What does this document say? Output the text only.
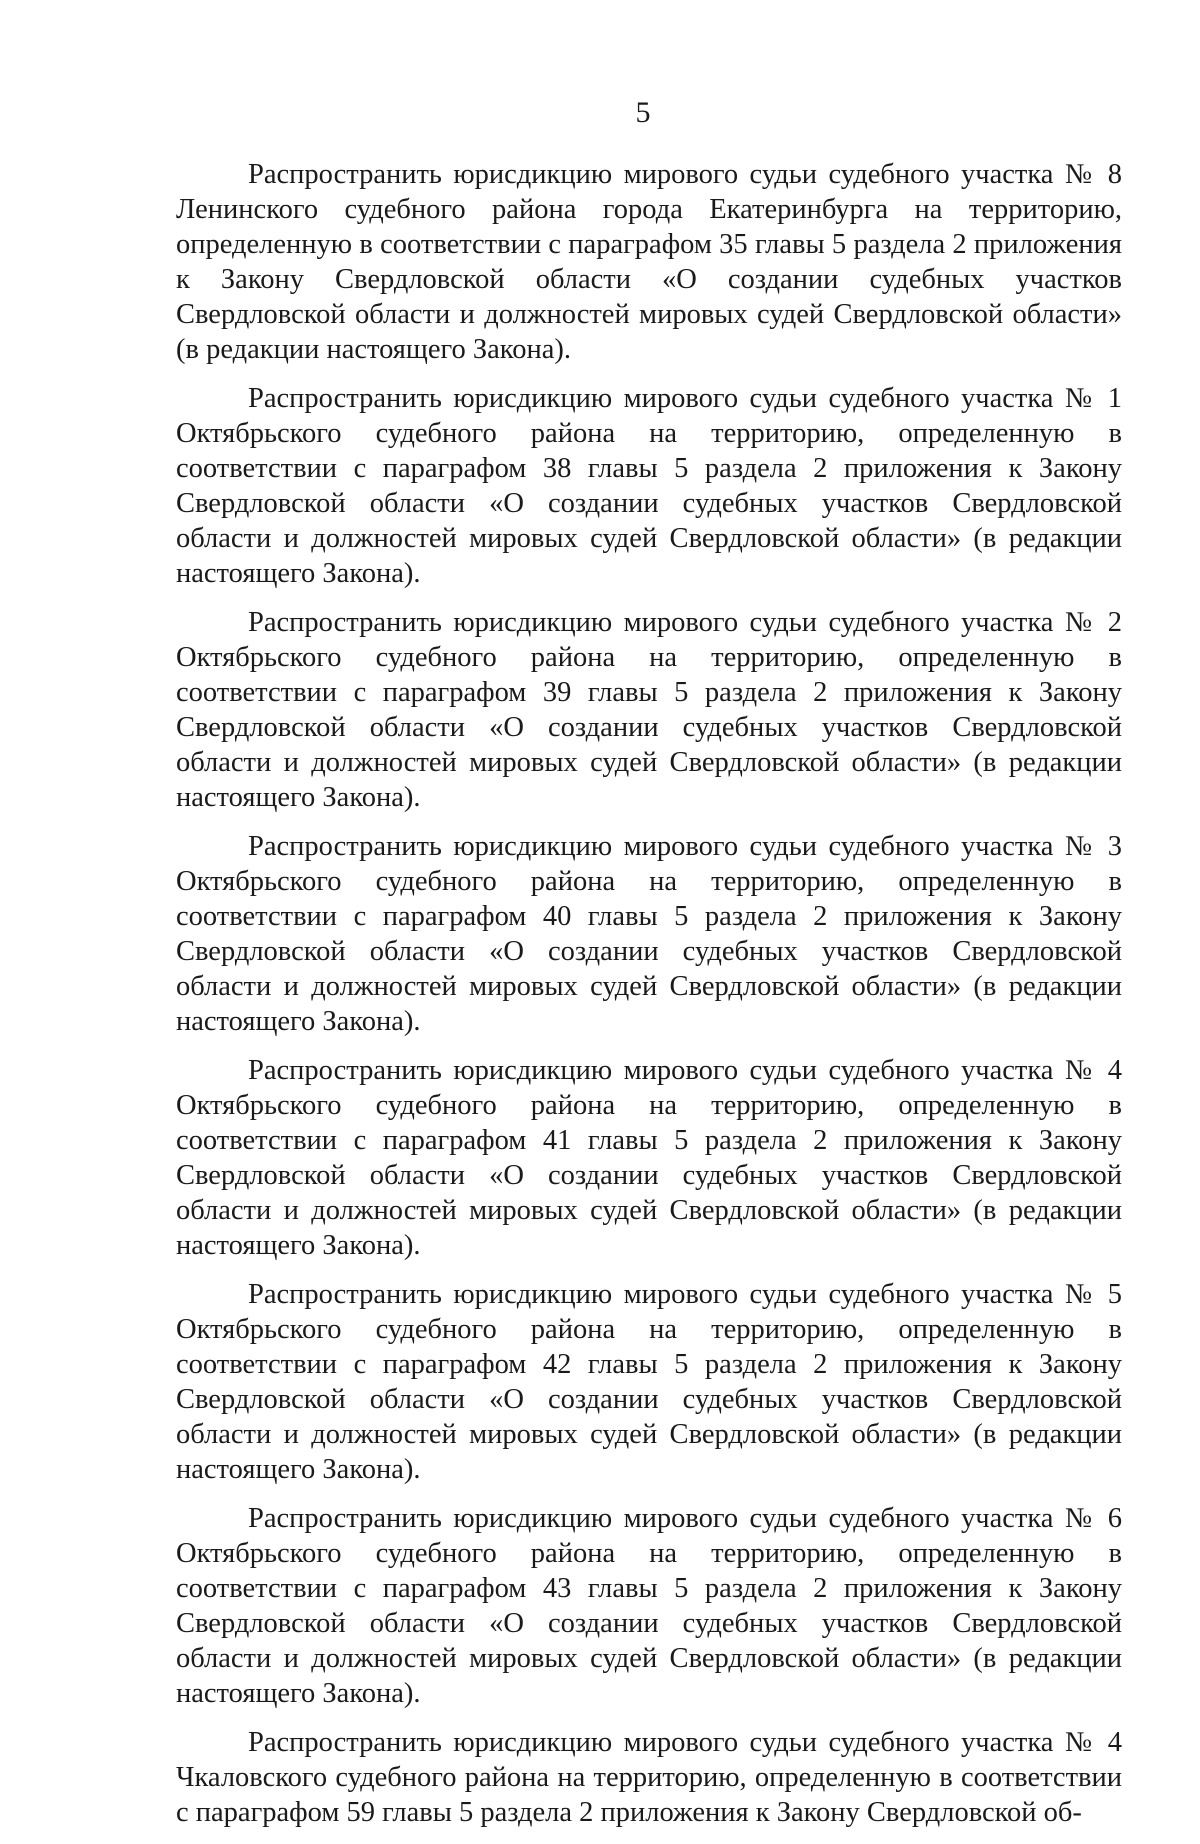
5

Распространить юрисдикцию мирового судьи судебного участка № 8 Ленинского судебного района города Екатеринбурга на территорию, определенную в соответствии с параграфом 35 главы 5 раздела 2 приложения к Закону Свердловской области «О создании судебных участков Свердловской области и должностей мировых судей Свердловской области» (в редакции настоящего Закона).

Распространить юрисдикцию мирового судьи судебного участка № 1 Октябрьского судебного района на территорию, определенную в соответствии с параграфом 38 главы 5 раздела 2 приложения к Закону Свердловской области «О создании судебных участков Свердловской области и должностей мировых судей Свердловской области» (в редакции настоящего Закона).

Распространить юрисдикцию мирового судьи судебного участка № 2 Октябрьского судебного района на территорию, определенную в соответствии с параграфом 39 главы 5 раздела 2 приложения к Закону Свердловской области «О создании судебных участков Свердловской области и должностей мировых судей Свердловской области» (в редакции настоящего Закона).

Распространить юрисдикцию мирового судьи судебного участка № 3 Октябрьского судебного района на территорию, определенную в соответствии с параграфом 40 главы 5 раздела 2 приложения к Закону Свердловской области «О создании судебных участков Свердловской области и должностей мировых судей Свердловской области» (в редакции настоящего Закона).

Распространить юрисдикцию мирового судьи судебного участка № 4 Октябрьского судебного района на территорию, определенную в соответствии с параграфом 41 главы 5 раздела 2 приложения к Закону Свердловской области «О создании судебных участков Свердловской области и должностей мировых судей Свердловской области» (в редакции настоящего Закона).

Распространить юрисдикцию мирового судьи судебного участка № 5 Октябрьского судебного района на территорию, определенную в соответствии с параграфом 42 главы 5 раздела 2 приложения к Закону Свердловской области «О создании судебных участков Свердловской области и должностей мировых судей Свердловской области» (в редакции настоящего Закона).

Распространить юрисдикцию мирового судьи судебного участка № 6 Октябрьского судебного района на территорию, определенную в соответствии с параграфом 43 главы 5 раздела 2 приложения к Закону Свердловской области «О создании судебных участков Свердловской области и должностей мировых судей Свердловской области» (в редакции настоящего Закона).

Распространить юрисдикцию мирового судьи судебного участка № 4 Чкаловского судебного района на территорию, определенную в соответствии с параграфом 59 главы 5 раздела 2 приложения к Закону Свердловской об-
